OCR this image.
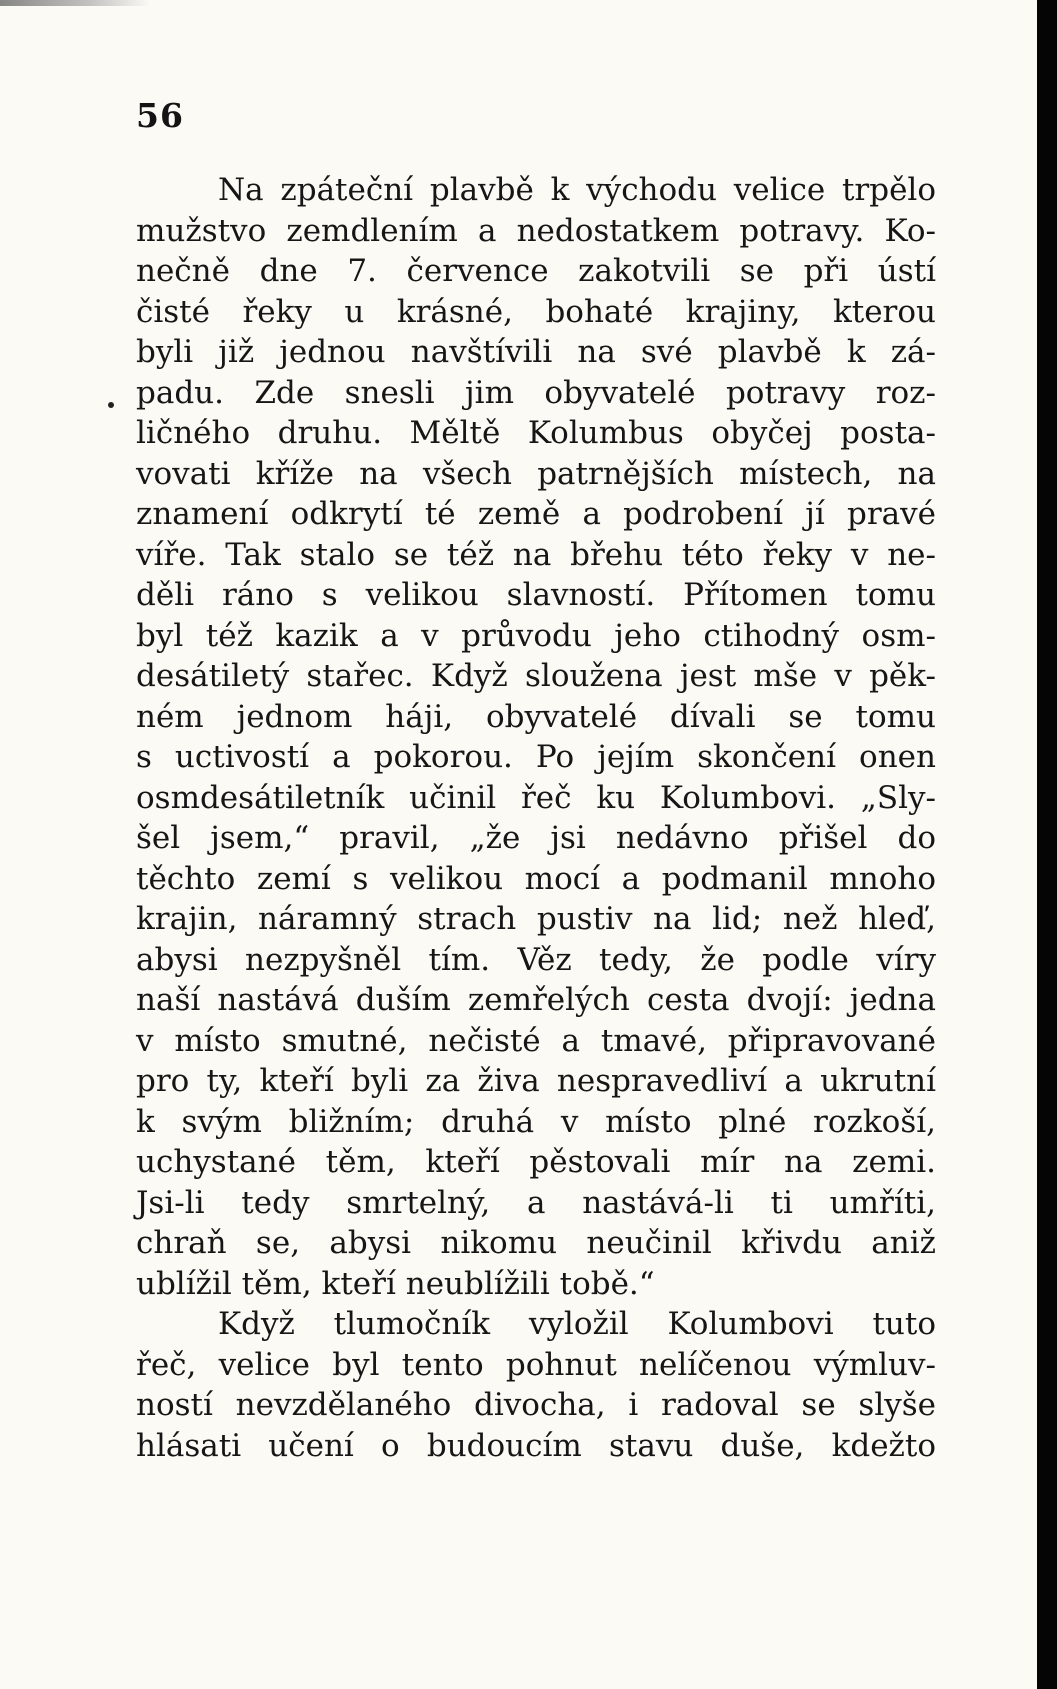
56
Na zpáteční plavbě k východu velice trpělo
mužstvo zemdlením a nedostatkem potravy. Ko-
nečně dne 7. července zakotvili se při ústí
čisté řeky u krásné, bohaté krajiny, kterou
byli již jednou navštívili na své plavbě k zá-
padu. Zde snesli jim obyvatelé potravy roz-
ličného druhu. Měltě Kolumbus obyčej posta-
vovati kříže na všech patrnějších místech, na
znamení odkrytí té země a podrobení jí pravé
víře. Tak stalo se též na břehu této řeky v ne-
děli ráno s velikou slavností. Přítomen tomu
byl též kazik a v průvodu jeho ctihodný osm-
desátiletý stařec. Když sloužena jest mše v pěk-
ném jednom háji, obyvatelé dívali se tomu
s uctivostí a pokorou. Po jejím skončení onen
osmdesátiletník učinil řeč ku Kolumbovi. „Sly-
šel jsem,“ pravil, „že jsi nedávno přišel do
těchto zemí s velikou mocí a podmanil mnoho
krajin, náramný strach pustiv na lid; než hleď,
abysi nezpyšněl tím. Věz tedy, že podle víry
naší nastává duším zemřelých cesta dvojí: jedna
v místo smutné, nečisté a tmavé, připravované
pro ty, kteří byli za živa nespravedliví a ukrutní
k svým bližním; druhá v místo plné rozkoší,
uchystané těm, kteří pěstovali mír na zemi.
Jsi-li tedy smrtelný, a nastává-li ti umříti,
chraň se, abysi nikomu neučinil křivdu aniž
ublížil těm, kteří neublížili tobě.“
Když tlumočník vyložil Kolumbovi tuto
řeč, velice byl tento pohnut nelíčenou výmluv-
ností nevzdělaného divocha, i radoval se slyše
hlásati učení o budoucím stavu duše, kdežto
